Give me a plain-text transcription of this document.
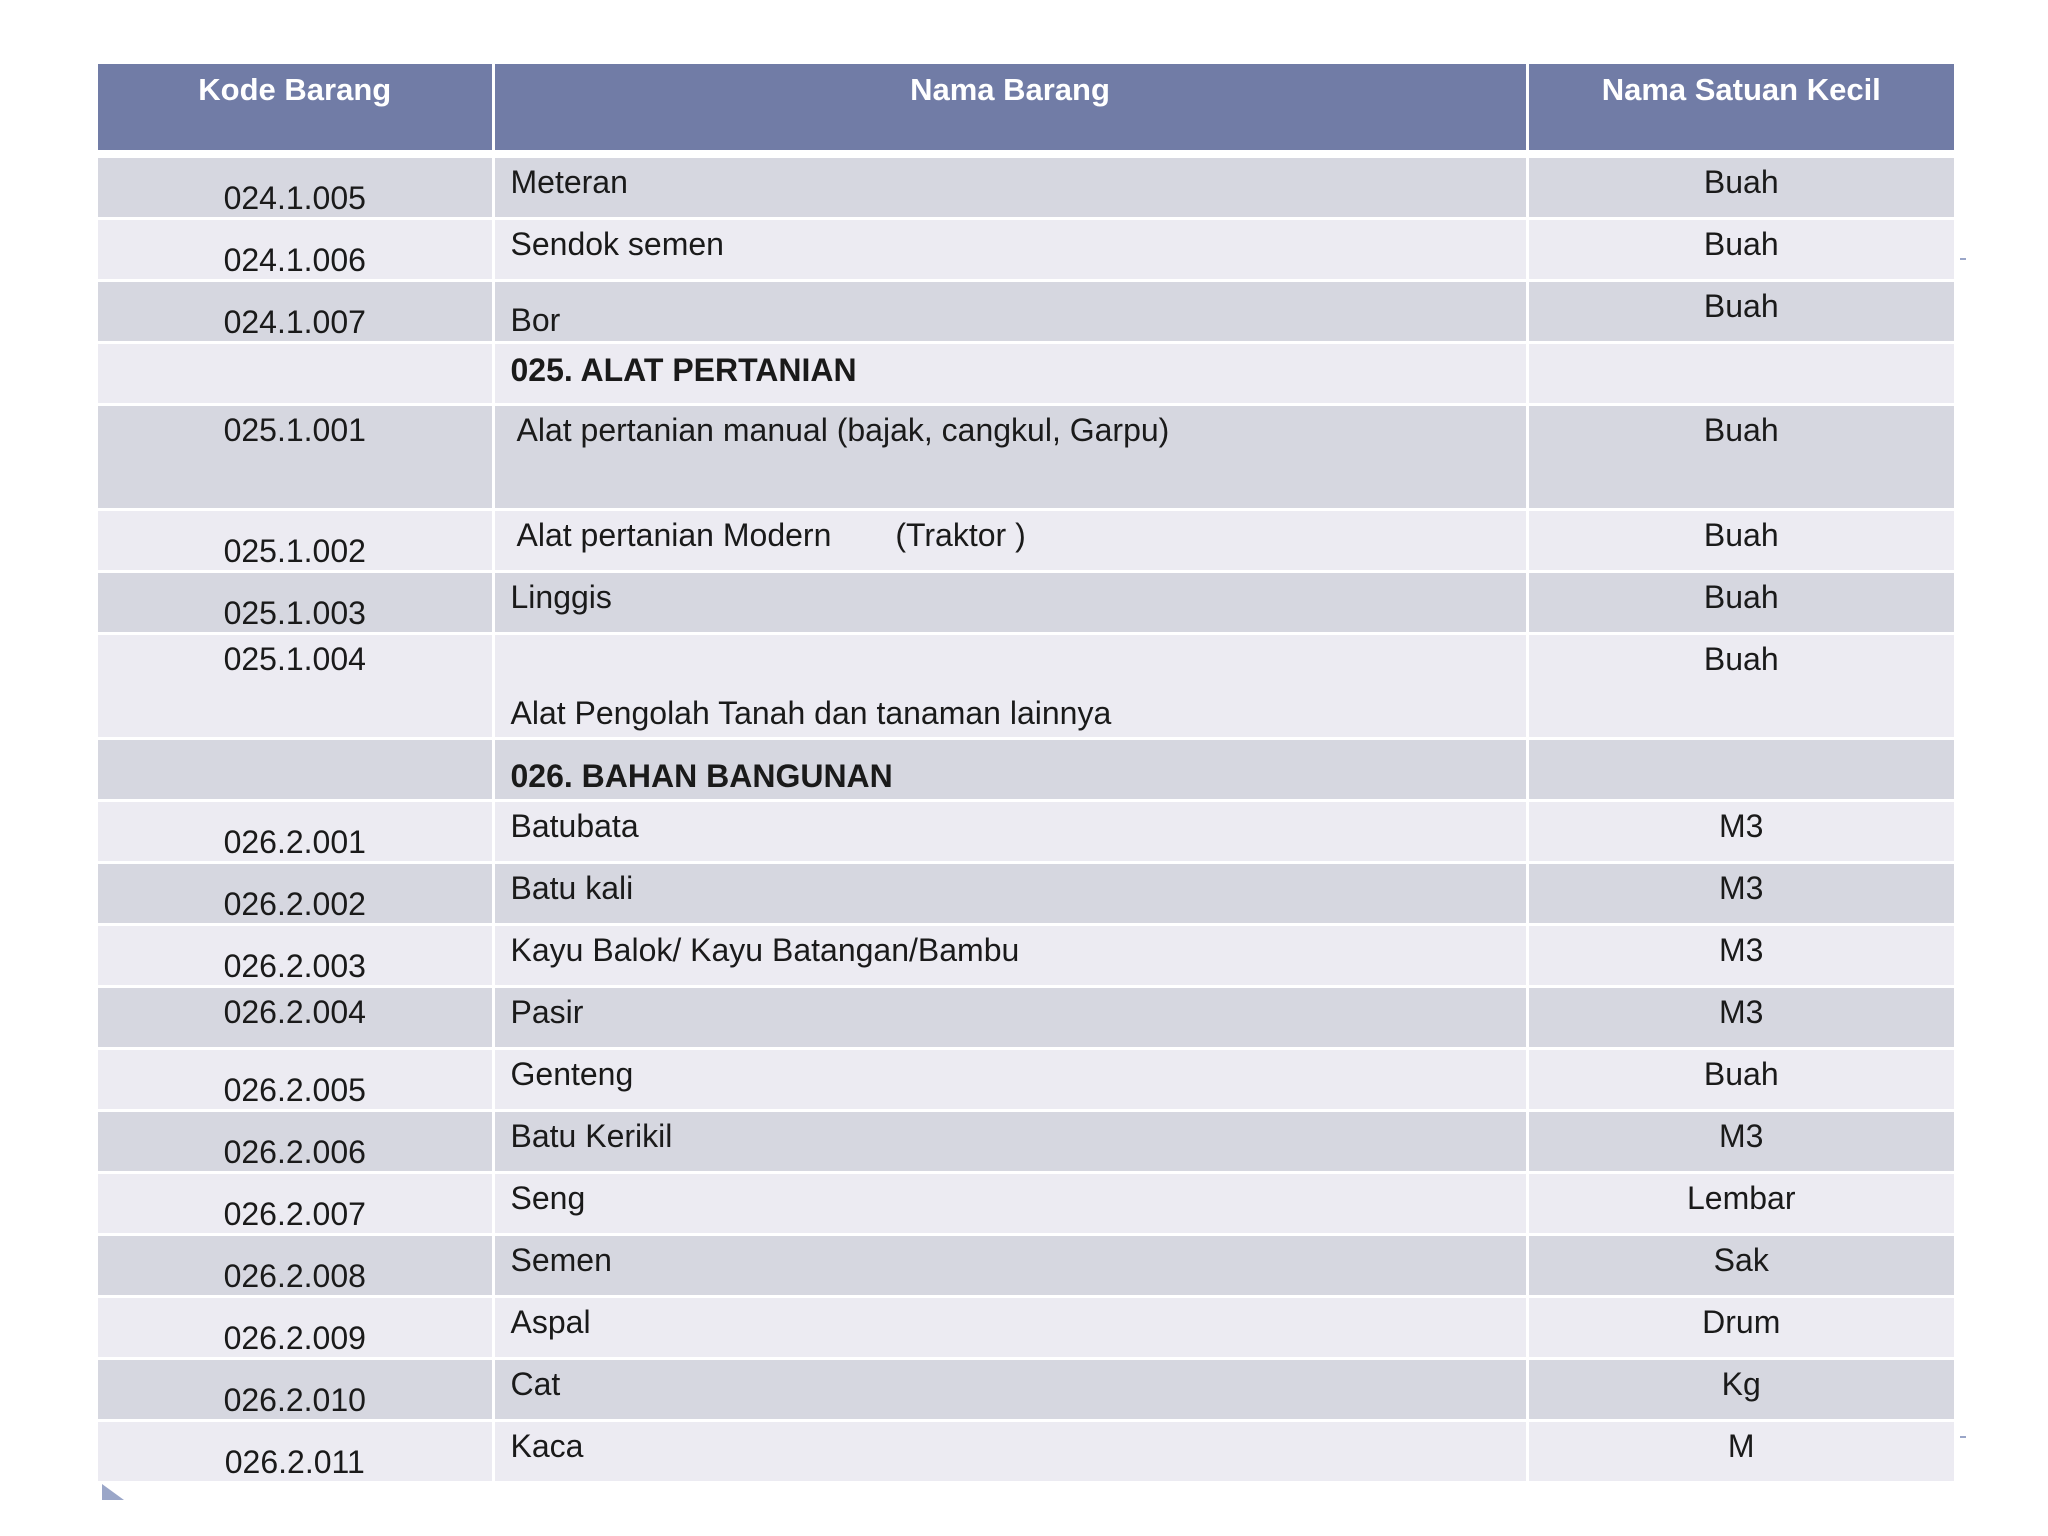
Kode Barang	Nama Barang	Nama Satuan Kecil
024.1.005	Meteran	Buah
024.1.006	Sendok semen	Buah
024.1.007	Bor	Buah
	025. ALAT PERTANIAN	
025.1.001	Alat pertanian manual (bajak, cangkul, Garpu)	Buah
025.1.002	Alat pertanian Modern (Traktor )	Buah
025.1.003	Linggis	Buah
025.1.004	Alat Pengolah Tanah dan tanaman lainnya	Buah
	026. BAHAN BANGUNAN	
026.2.001	Batubata	M3
026.2.002	Batu kali	M3
026.2.003	Kayu Balok/ Kayu Batangan/Bambu	M3
026.2.004	Pasir	M3
026.2.005	Genteng	Buah
026.2.006	Batu Kerikil	M3
026.2.007	Seng	Lembar
026.2.008	Semen	Sak
026.2.009	Aspal	Drum
026.2.010	Cat	Kg
026.2.011	Kaca	M
